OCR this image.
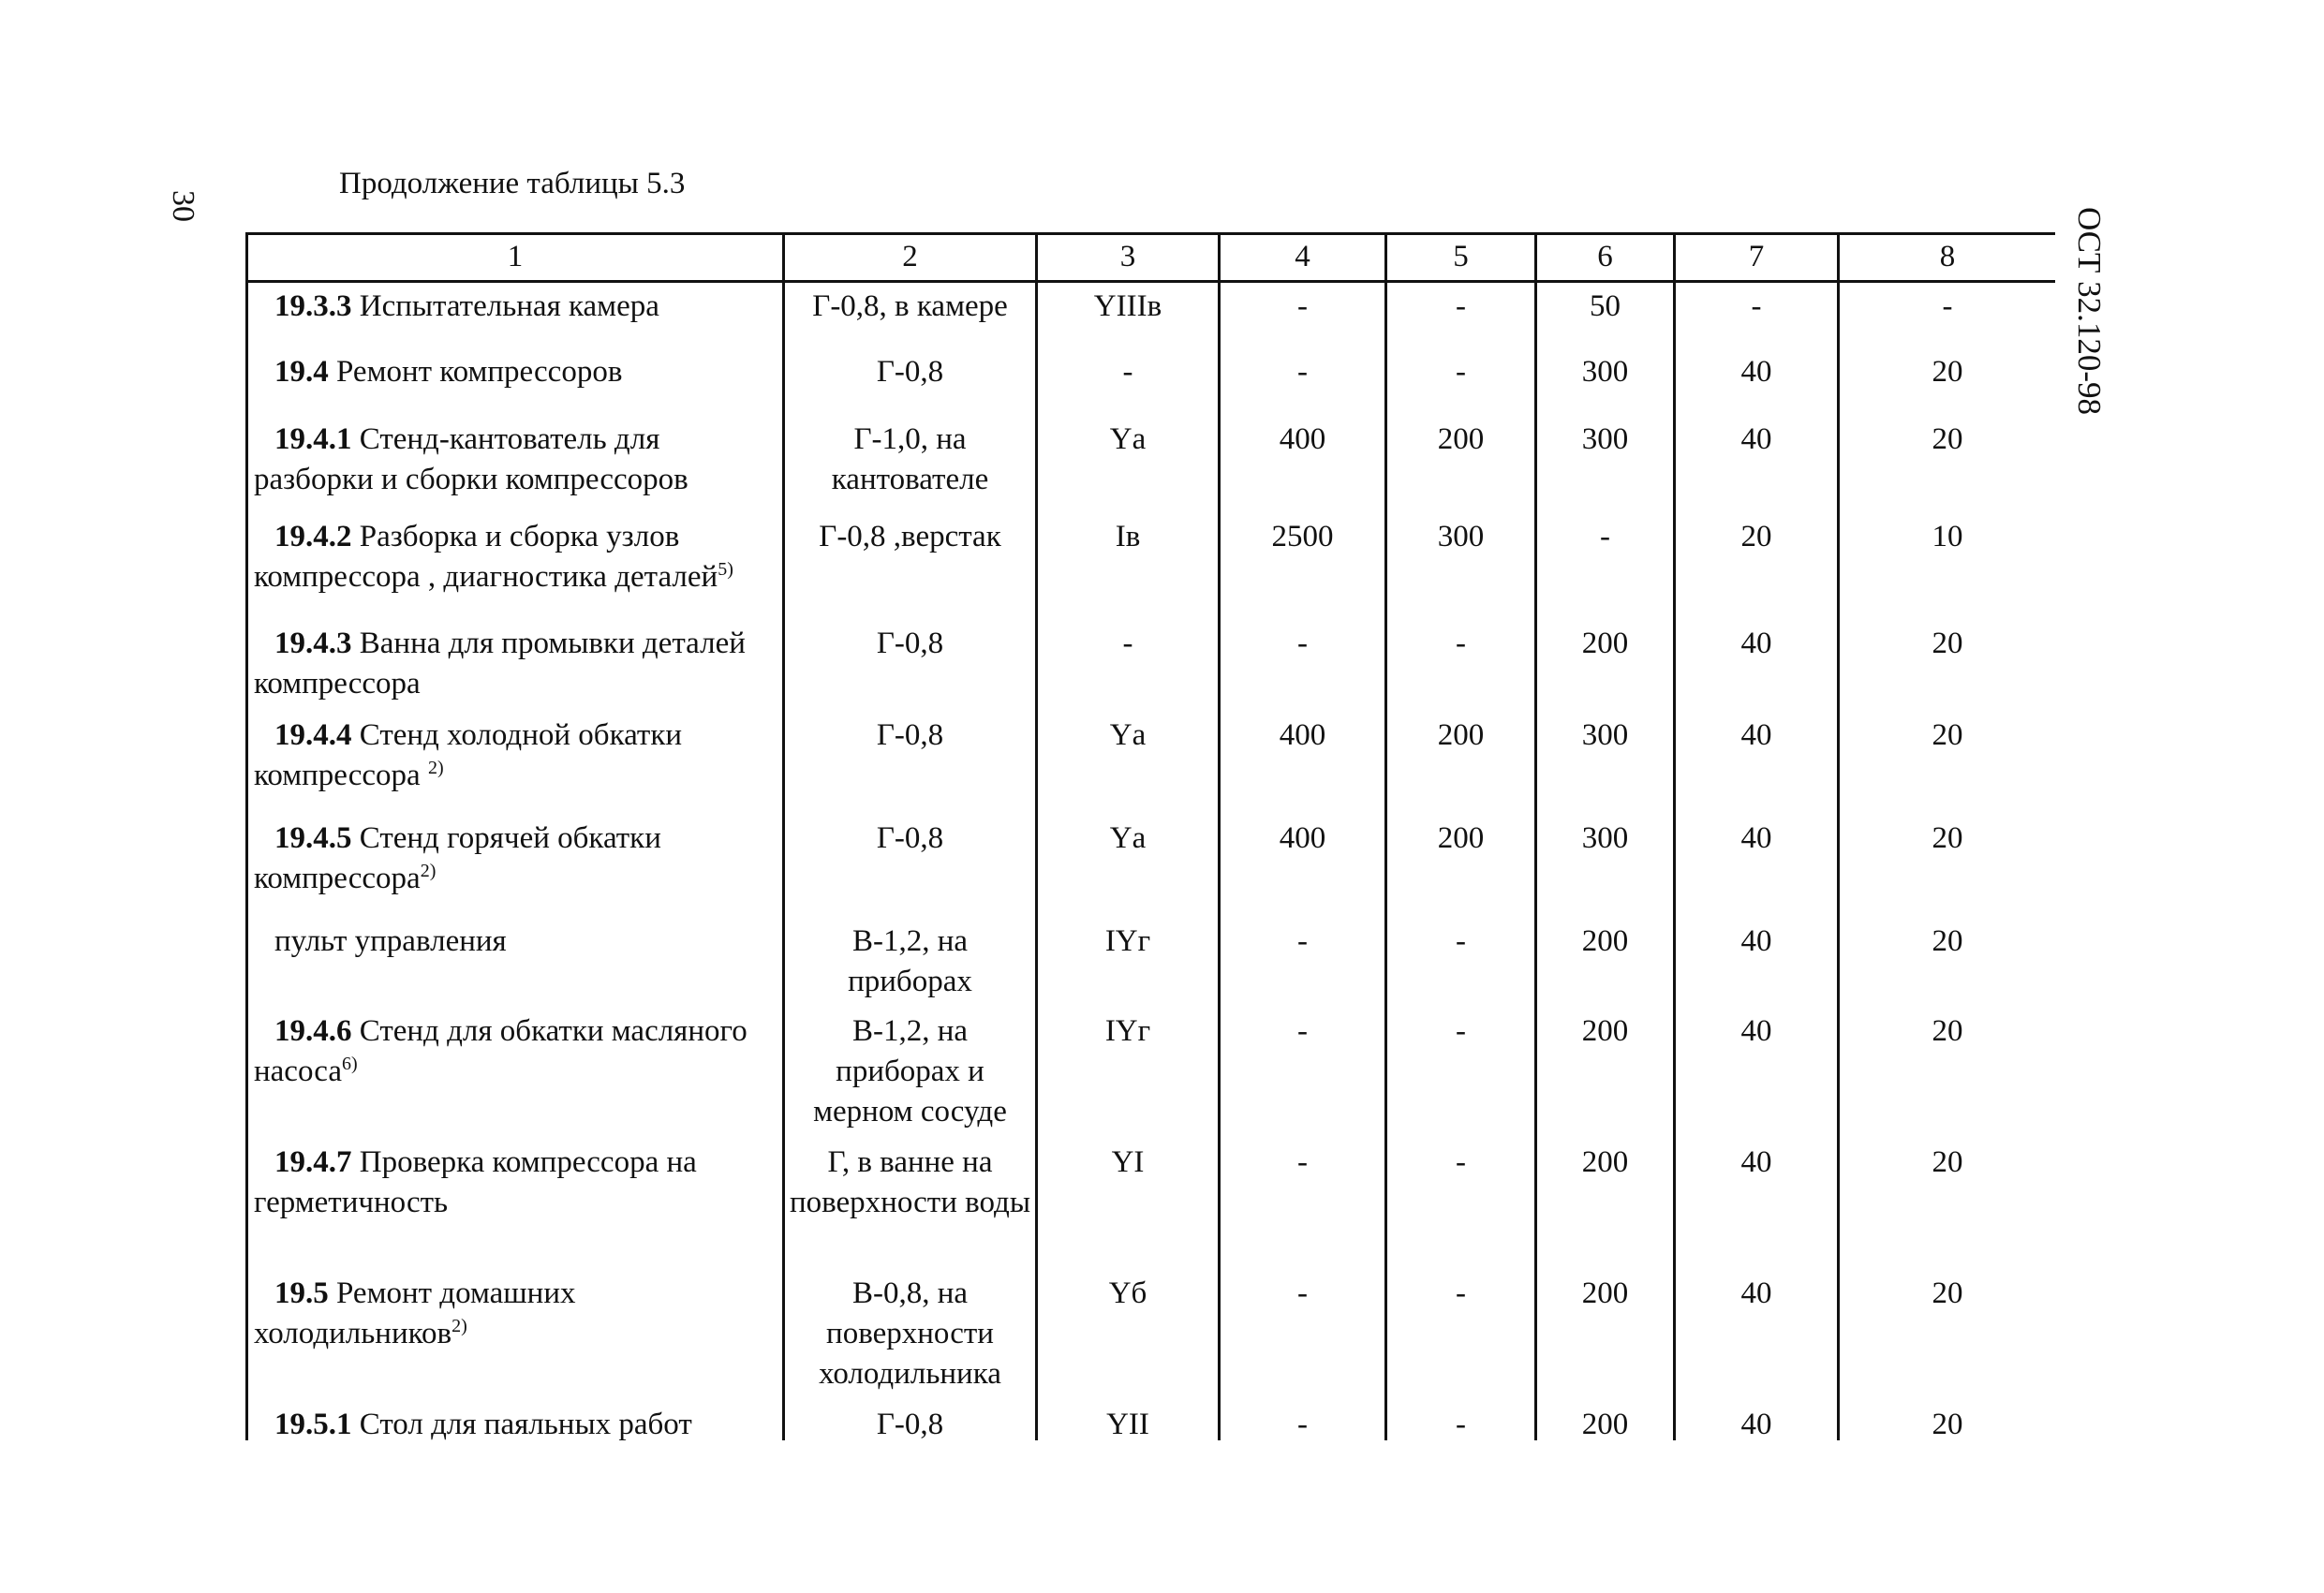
30
ОСТ 32.120-98
Продолжение таблицы 5.3
1	2	3	4	5	6	7	8
19.3.3 Испытательная камера	Г-0,8, в камере	YIIIв	-	-	50	-	-
19.4 Ремонт компрессоров	Г-0,8	-	-	-	300	40	20
19.4.1 Стенд-кантователь для разборки и сборки компрессоров	Г-1,0, на кантователе	Yа	400	200	300	40	20
19.4.2 Разборка и сборка узлов компрессора , диагностика деталей$^{5)}$	Г-0,8 ,верстак	Iв	2500	300	-	20	10
19.4.3 Ванна для промывки деталей компрессора	Г-0,8	-	-	-	200	40	20
19.4.4 Стенд холодной обкатки компрессора $^{2)}$	Г-0,8	Yа	400	200	300	40	20
19.4.5 Стенд горячей обкатки компрессора$^{2)}$	Г-0,8	Yа	400	200	300	40	20
пульт управления	В-1,2, на приборах	IYг	-	-	200	40	20
19.4.6 Стенд для обкатки масляного насоса$^{6)}$	В-1,2, на приборах и мерном сосуде	IYг	-	-	200	40	20
19.4.7 Проверка компрессора на герметичность	Г, в ванне на поверхности воды	YI	-	-	200	40	20
19.5 Ремонт домашних холодильников$^{2)}$	В-0,8, на поверхности холодильника	Yб	-	-	200	40	20
19.5.1 Стол для паяльных работ	Г-0,8	YII	-	-	200	40	20
